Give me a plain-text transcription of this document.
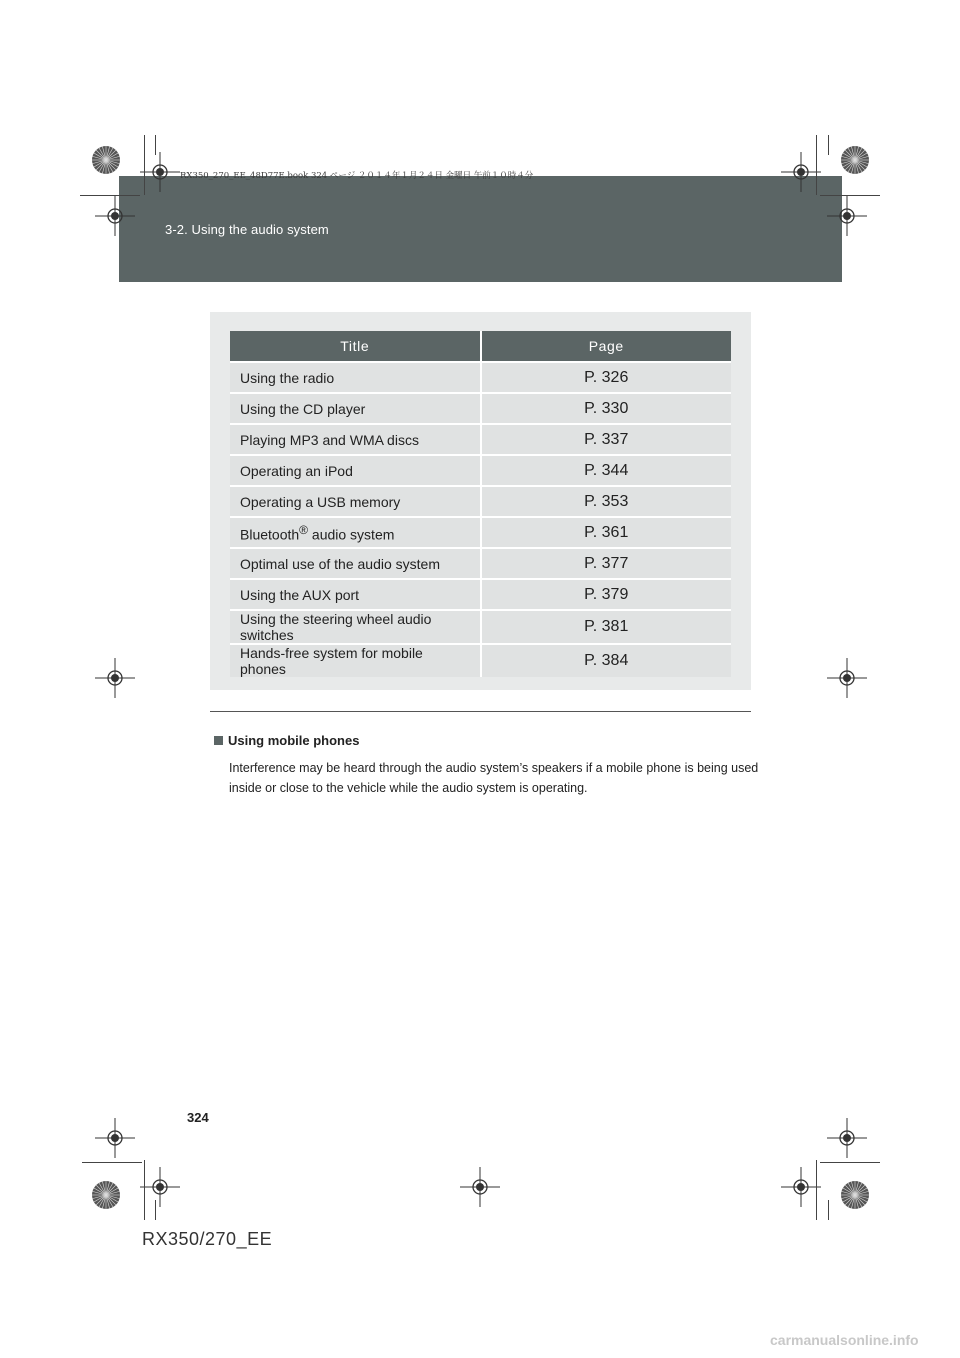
3-2. Using the audio system
RX350_270_EE_48D77E.book 324 ページ ２０１４年１月２４日 金曜日 午前１０時４分
Title	Page
Using the radio	P. 326
Using the CD player	P. 330
Playing MP3 and WMA discs	P. 337
Operating an iPod	P. 344
Operating a USB memory	P. 353
Bluetooth® audio system	P. 361
Optimal use of the audio system	P. 377
Using the AUX port	P. 379
Using the steering wheel audio switches	P. 381
Hands-free system for mobile phones	P. 384
Using mobile phones
Interference may be heard through the audio system’s speakers if a mobile phone is being used inside or close to the vehicle while the audio system is operating.
324
RX350/270_EE
carmanualsonline.info
